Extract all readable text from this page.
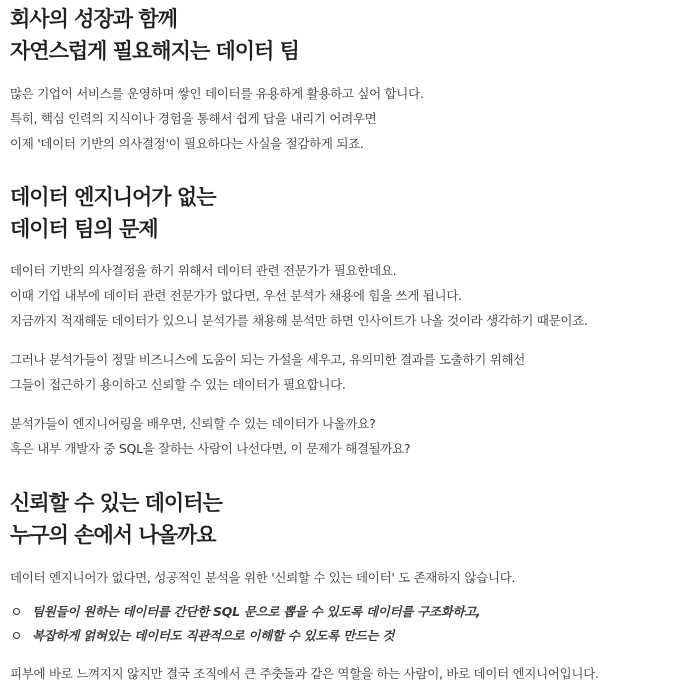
회사의 성장과 함께
자연스럽게 필요해지는 데이터 팀

많은 기업이 서비스를 운영하며 쌓인 데이터를 유용하게 활용하고 싶어 합니다.
특히, 핵심 인력의 지식이나 경험을 통해서 쉽게 답을 내리기 어려우면
이제 '데이터 기반의 의사결정'이 필요하다는 사실을 절감하게 되죠.

데이터 엔지니어가 없는
데이터 팀의 문제

데이터 기반의 의사결정을 하기 위해서 데이터 관련 전문가가 필요한데요.
이때 기업 내부에 데이터 관련 전문가가 없다면, 우선 분석가 채용에 힘을 쓰게 됩니다.
지금까지 적재해둔 데이터가 있으니 분석가를 채용해 분석만 하면 인사이트가 나올 것이라 생각하기 때문이죠.

그러나 분석가들이 정말 비즈니스에 도움이 되는 가설을 세우고, 유의미한 결과를 도출하기 위해선
그들이 접근하기 용이하고 신뢰할 수 있는 데이터가 필요합니다.

분석가들이 엔지니어링을 배우면, 신뢰할 수 있는 데이터가 나올까요?
혹은 내부 개발자 중 SQL을 잘하는 사람이 나선다면, 이 문제가 해결될까요?

신뢰할 수 있는 데이터는
누구의 손에서 나올까요

데이터 엔지니어가 없다면, 성공적인 분석을 위한 '신뢰할 수 있는 데이터' 도 존재하지 않습니다.

팀원들이 원하는 데이터를 간단한 SQL 문으로 뽑을 수 있도록 데이터를 구조화하고,
복잡하게 얽혀있는 데이터도 직관적으로 이해할 수 있도록 만드는 것

피부에 바로 느껴지지 않지만 결국 조직에서 큰 주춧돌과 같은 역할을 하는 사람이, 바로 데이터 엔지니어입니다.
